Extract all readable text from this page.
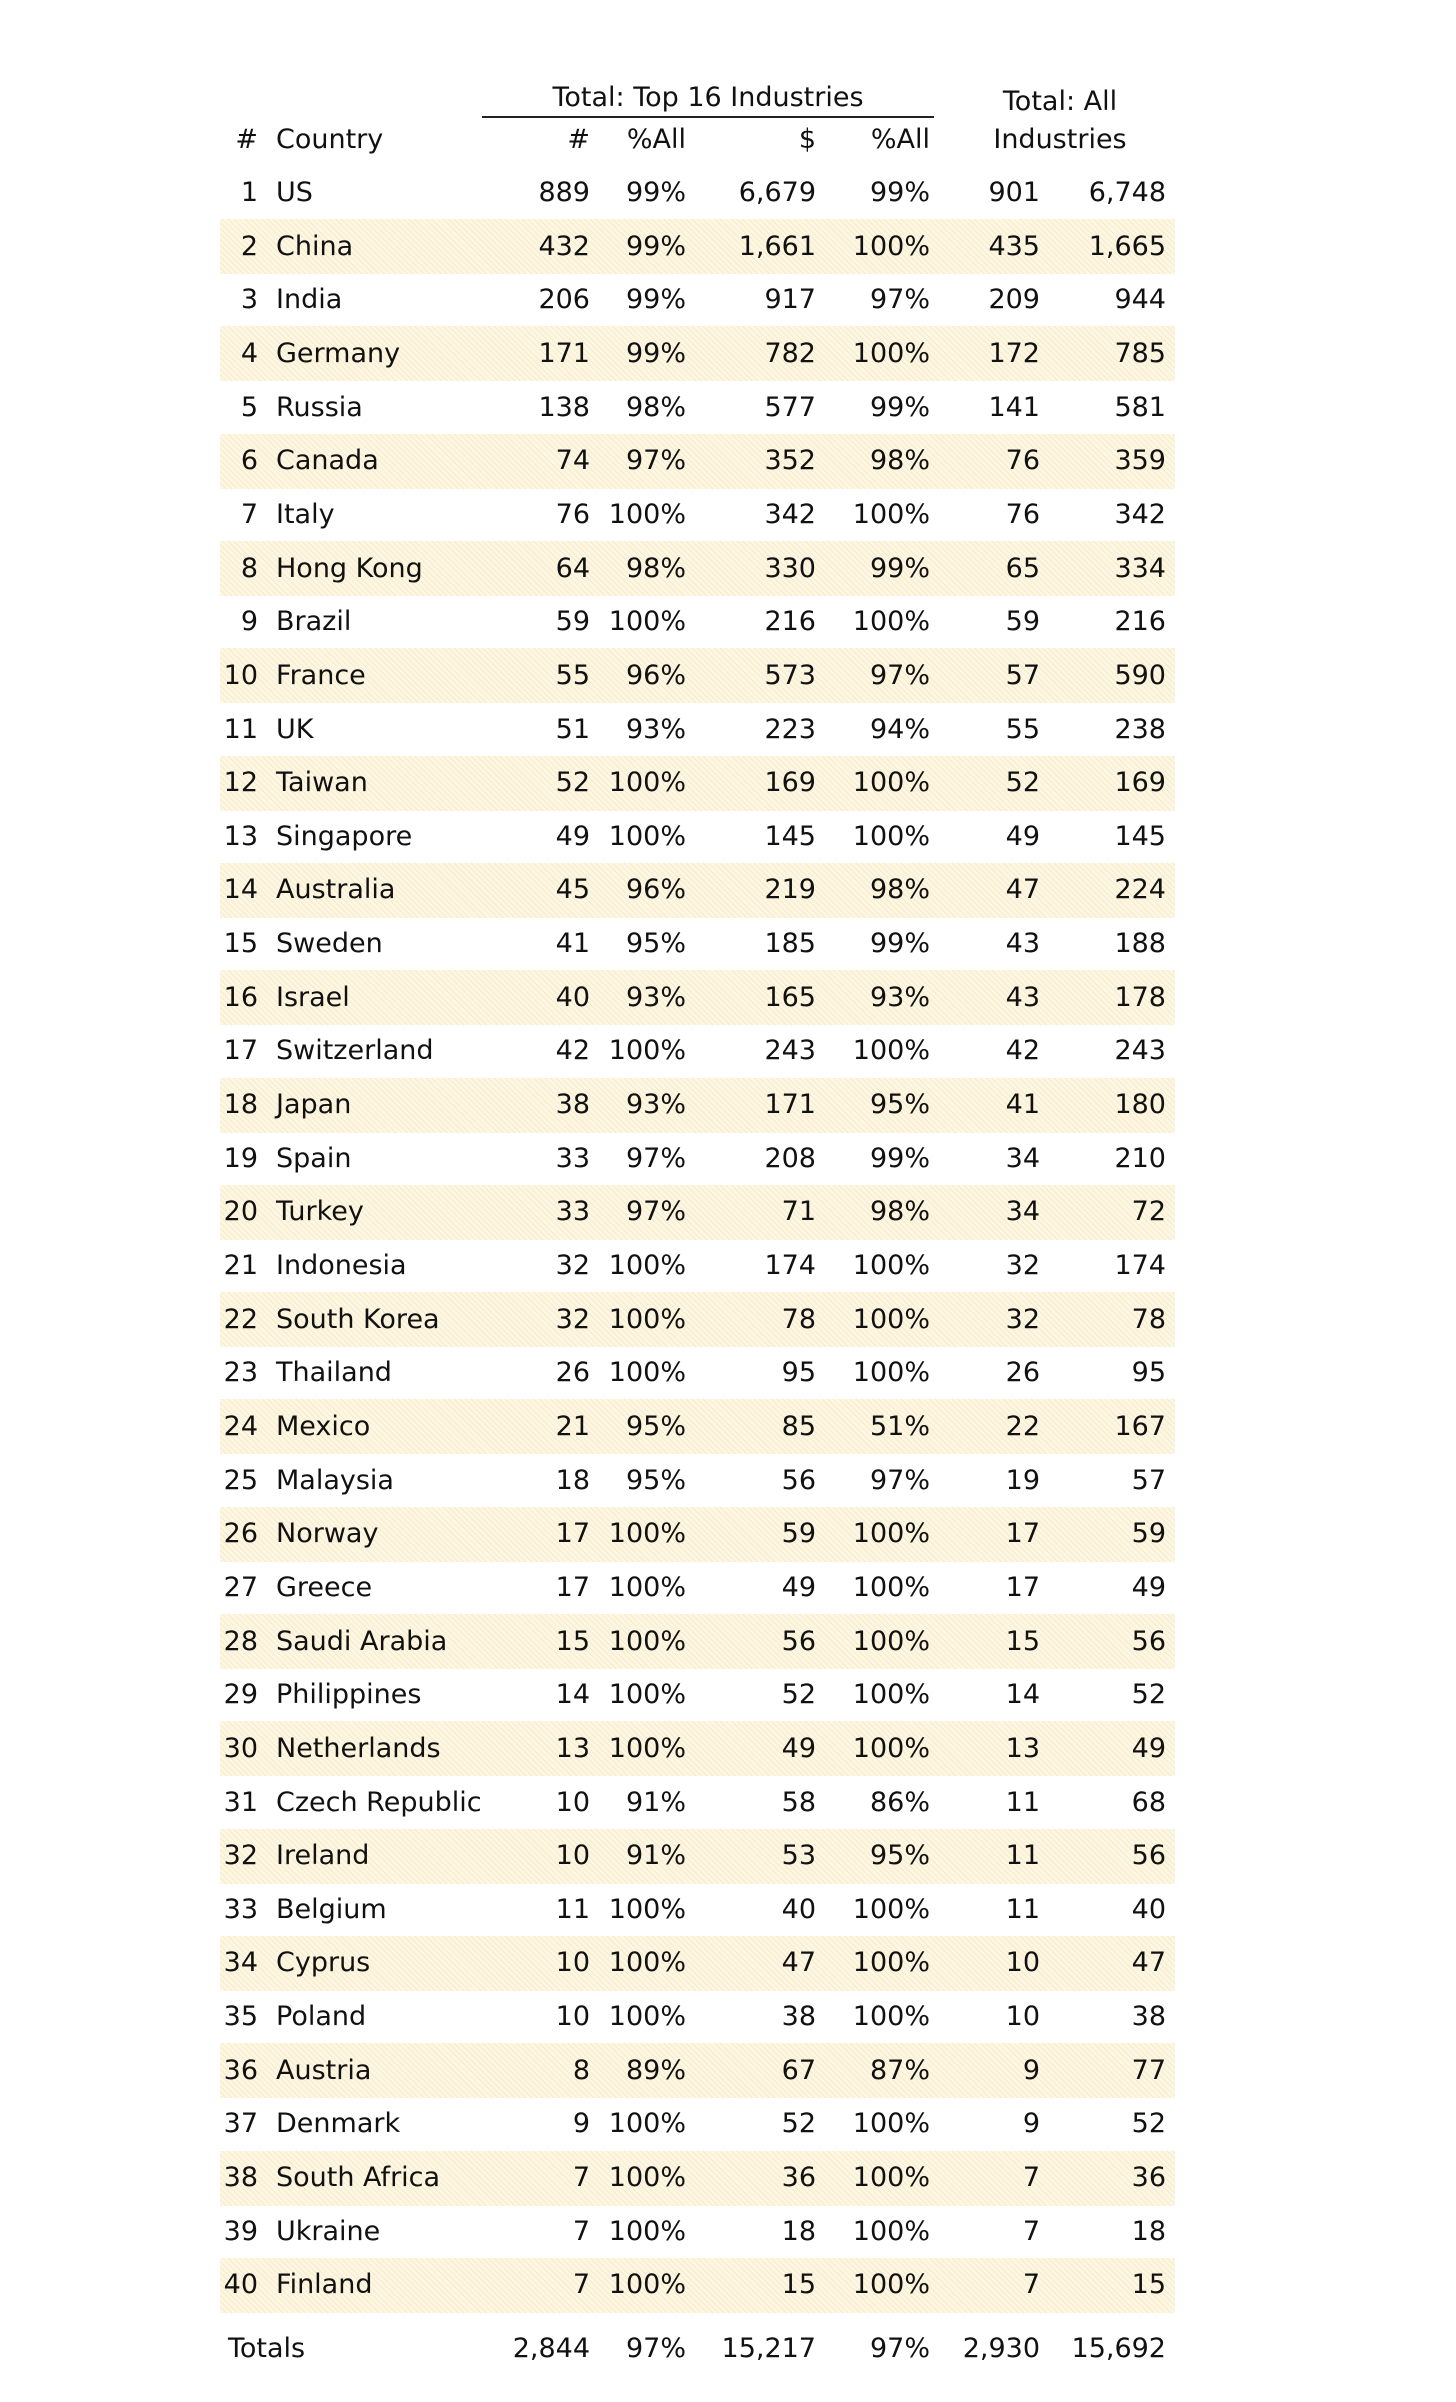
Total: Top 16 Industries	Total: All
# Country	#	%All	$	%All	Industries
1 US	889	99%	6,679	99%	901	6,748
2 China	432	99%	1,661	100%	435	1,665
3 India	206	99%	917	97%	209	944
4 Germany	171	99%	782	100%	172	785
5 Russia	138	98%	577	99%	141	581
6 Canada	74	97%	352	98%	76	359
7 Italy	76 100%	342	100%	76	342
8 Hong Kong	64	98%	330	99%	65	334
9 Brazil	59 100%	216	100%	59	216
10 France	55	96%	573	97%	57	590
11 UK	51	93%	223	94%	55	238
12 Taiwan	52 100%	169	100%	52	169
13 Singapore	49 100%	145	100%	49	145
14 Australia	45	96%	219	98%	47	224
15 Sweden	41	95%	185	99%	43	188
16 Israel	40	93%	165	93%	43	178
17 Switzerland	42 100%	243	100%	42	243
18 Japan	38	93%	171	95%	41	180
19 Spain	33	97%	208	99%	34	210
20 Turkey	33	97%	71	98%	34	72
21 Indonesia	32 100%	174	100%	32	174
22 South Korea	32 100%	78	100%	32	78
23 Thailand	26 100%	95	100%	26	95
24 Mexico	21	95%	85	51%	22	167
25 Malaysia	18	95%	56	97%	19	57
26 Norway	17 100%	59	100%	17	59
27 Greece	17 100%	49	100%	17	49
28 Saudi Arabia	15 100%	56	100%	15	56
29 Philippines	14 100%	52	100%	14	52
30 Netherlands	13 100%	49	100%	13	49
31 Czech Republic	10	91%	58	86%	11	68
32 Ireland	10	91%	53	95%	11	56
33 Belgium	11 100%	40	100%	11	40
34 Cyprus	10 100%	47	100%	10	47
35 Poland	10 100%	38	100%	10	38
36 Austria	8	89%	67	87%	9	77
37 Denmark	9 100%	52	100%	9	52
38 South Africa	7 100%	36	100%	7	36
39 Ukraine	7 100%	18	100%	7	18
40 Finland	7 100%	15	100%	7	15
Totals	2,844	97%	15,217	97%	2,930	15,692
